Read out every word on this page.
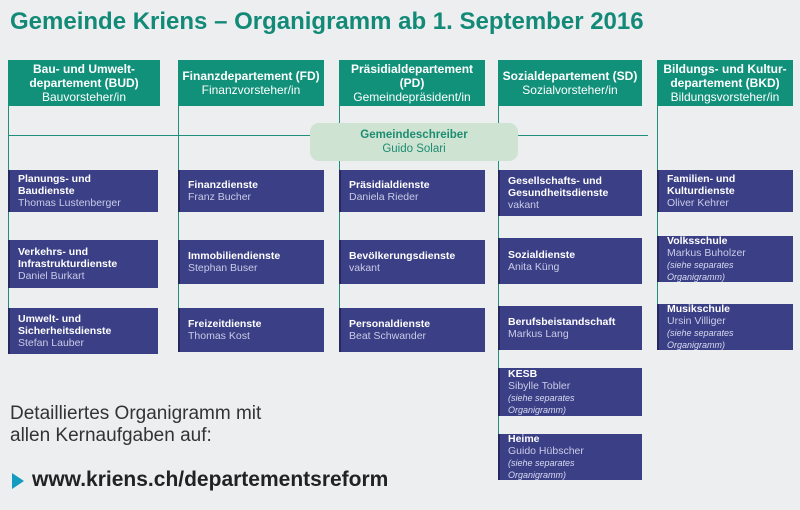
Gemeinde Kriens – Organigramm ab 1. September 2016
Bau- und Umwelt-departement (BUD)
Bauvorsteher/in
Finanzdepartement (FD)
Finanzvorsteher/in
Präsidialdepartement (PD)
Gemeindepräsident/in
Sozialdepartement (SD)
Sozialvorsteher/in
Bildungs- und Kultur-departement (BKD)
Bildungsvorsteher/in
Gemeindeschreiber
Guido Solari
Planungs- und Baudienste
Thomas Lustenberger
Verkehrs- und Infrastrukturdienste
Daniel Burkart
Umwelt- und Sicherheitsdienste
Stefan Lauber
Finanzdienste
Franz Bucher
Immobiliendienste
Stephan Buser
Freizeitdienste
Thomas Kost
Präsidialdienste
Daniela Rieder
Bevölkerungsdienste
vakant
Personaldienste
Beat Schwander
Gesellschafts- und Gesundheitsdienste
vakant
Sozialdienste
Anita Küng
Berufsbeistandschaft
Markus Lang
KESB
Sibylle Tobler
(siehe separates Organigramm)
Heime
Guido Hübscher
(siehe separates Organigramm)
Familien- und Kulturdienste
Oliver Kehrer
Volksschule
Markus Buholzer
(siehe separates Organigramm)
Musikschule
Ursin Villiger
(siehe separates Organigramm)
Detailliertes Organigramm mit allen Kernaufgaben auf:
www.kriens.ch/departementsreform
